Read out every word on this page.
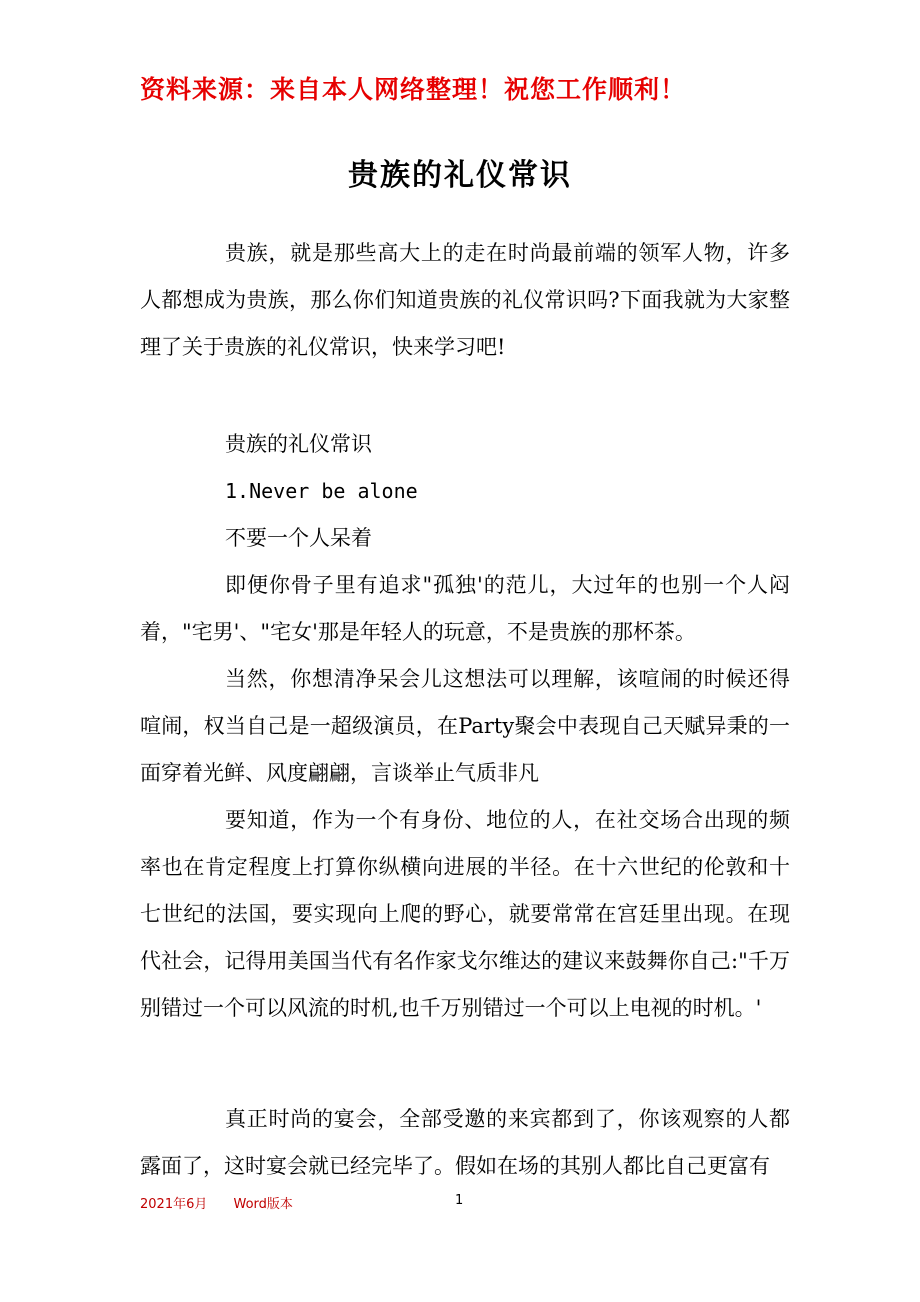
资料来源：来自本人网络整理！祝您工作顺利！
贵族的礼仪常识

贵族，就是那些高大上的走在时尚最前端的领军人物，许多人都想成为贵族，那么你们知道贵族的礼仪常识吗?下面我就为大家整理了关于贵族的礼仪常识，快来学习吧!

贵族的礼仪常识

1.Never be alone

不要一个人呆着

即便你骨子里有追求"孤独'的范儿，大过年的也别一个人闷着，"宅男'、"宅女'那是年轻人的玩意，不是贵族的那杯茶。

当然，你想清净呆会儿这想法可以理解，该喧闹的时候还得喧闹，权当自己是一超级演员，在Party聚会中表现自己天赋异秉的一面穿着光鲜、风度翩翩，言谈举止气质非凡

要知道，作为一个有身份、地位的人，在社交场合出现的频率也在肯定程度上打算你纵横向进展的半径。在十六世纪的伦敦和十七世纪的法国，要实现向上爬的野心，就要常常在宫廷里出现。在现代社会，记得用美国当代有名作家戈尔维达的建议来鼓舞你自己:"千万别错过一个可以风流的时机,也千万别错过一个可以上电视的时机。'

真正时尚的宴会，全部受邀的来宾都到了，你该观察的人都露面了，这时宴会就已经完毕了。假如在场的其别人都比自己更富有

2021年6月 Word版本	1
